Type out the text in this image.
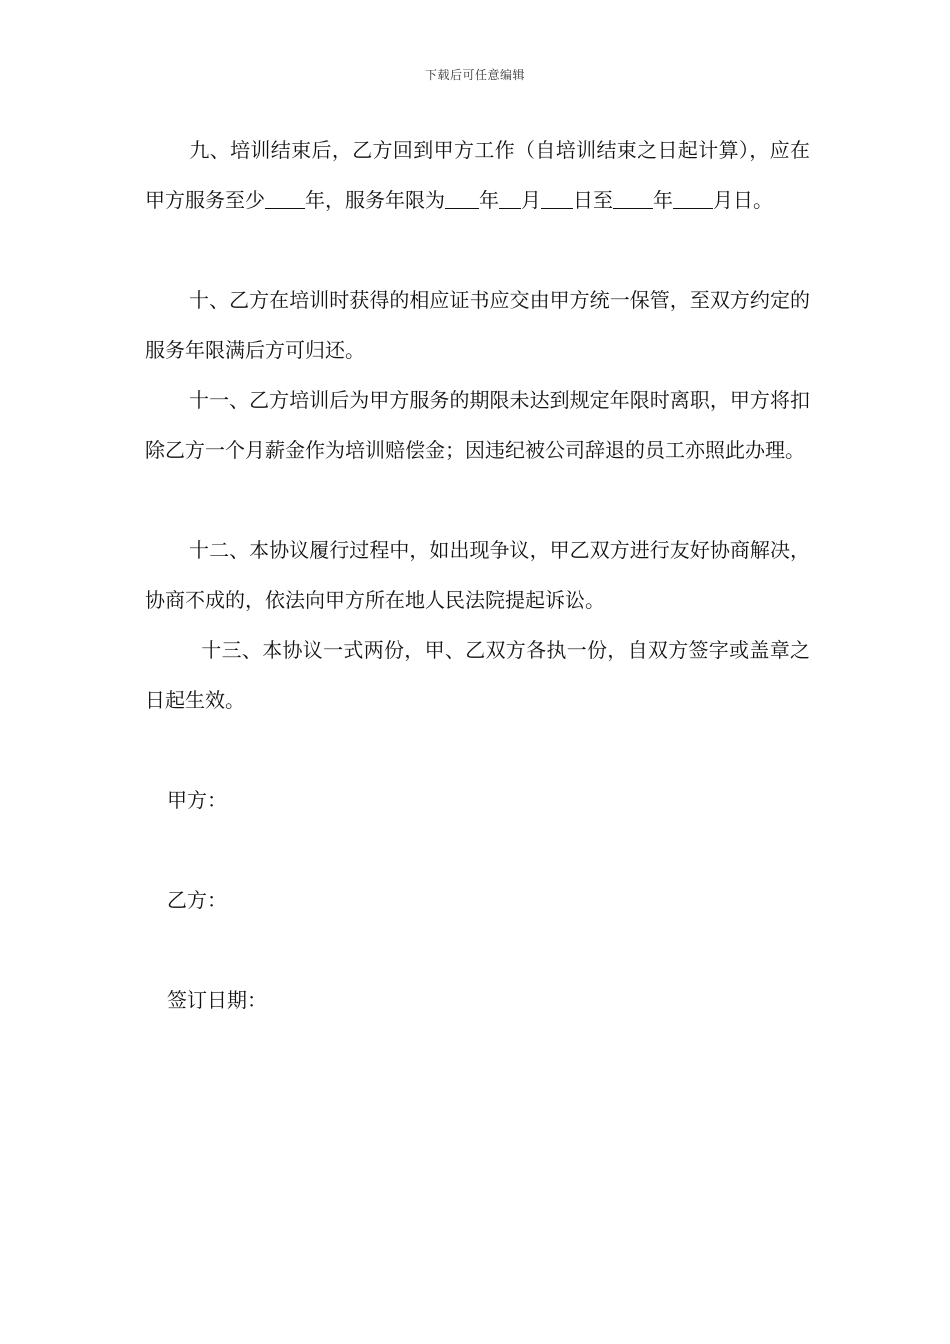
下载后可任意编辑

九、培训结束后，乙方回到甲方工作（自培训结束之日起计算），应在甲方服务至少 年，服务年限为 年 月 日至 年 月日。

十、乙方在培训时获得的相应证书应交由甲方统一保管，至双方约定的服务年限满后方可归还。

十一、乙方培训后为甲方服务的期限未达到规定年限时离职，甲方将扣除乙方一个月薪金作为培训赔偿金；因违纪被公司辞退的员工亦照此办理。

十二、本协议履行过程中，如出现争议，甲乙双方进行友好协商解决，协商不成的，依法向甲方所在地人民法院提起诉讼。

十三、本协议一式两份，甲、乙双方各执一份，自双方签字或盖章之日起生效。

甲方：

乙方：

签订日期：
